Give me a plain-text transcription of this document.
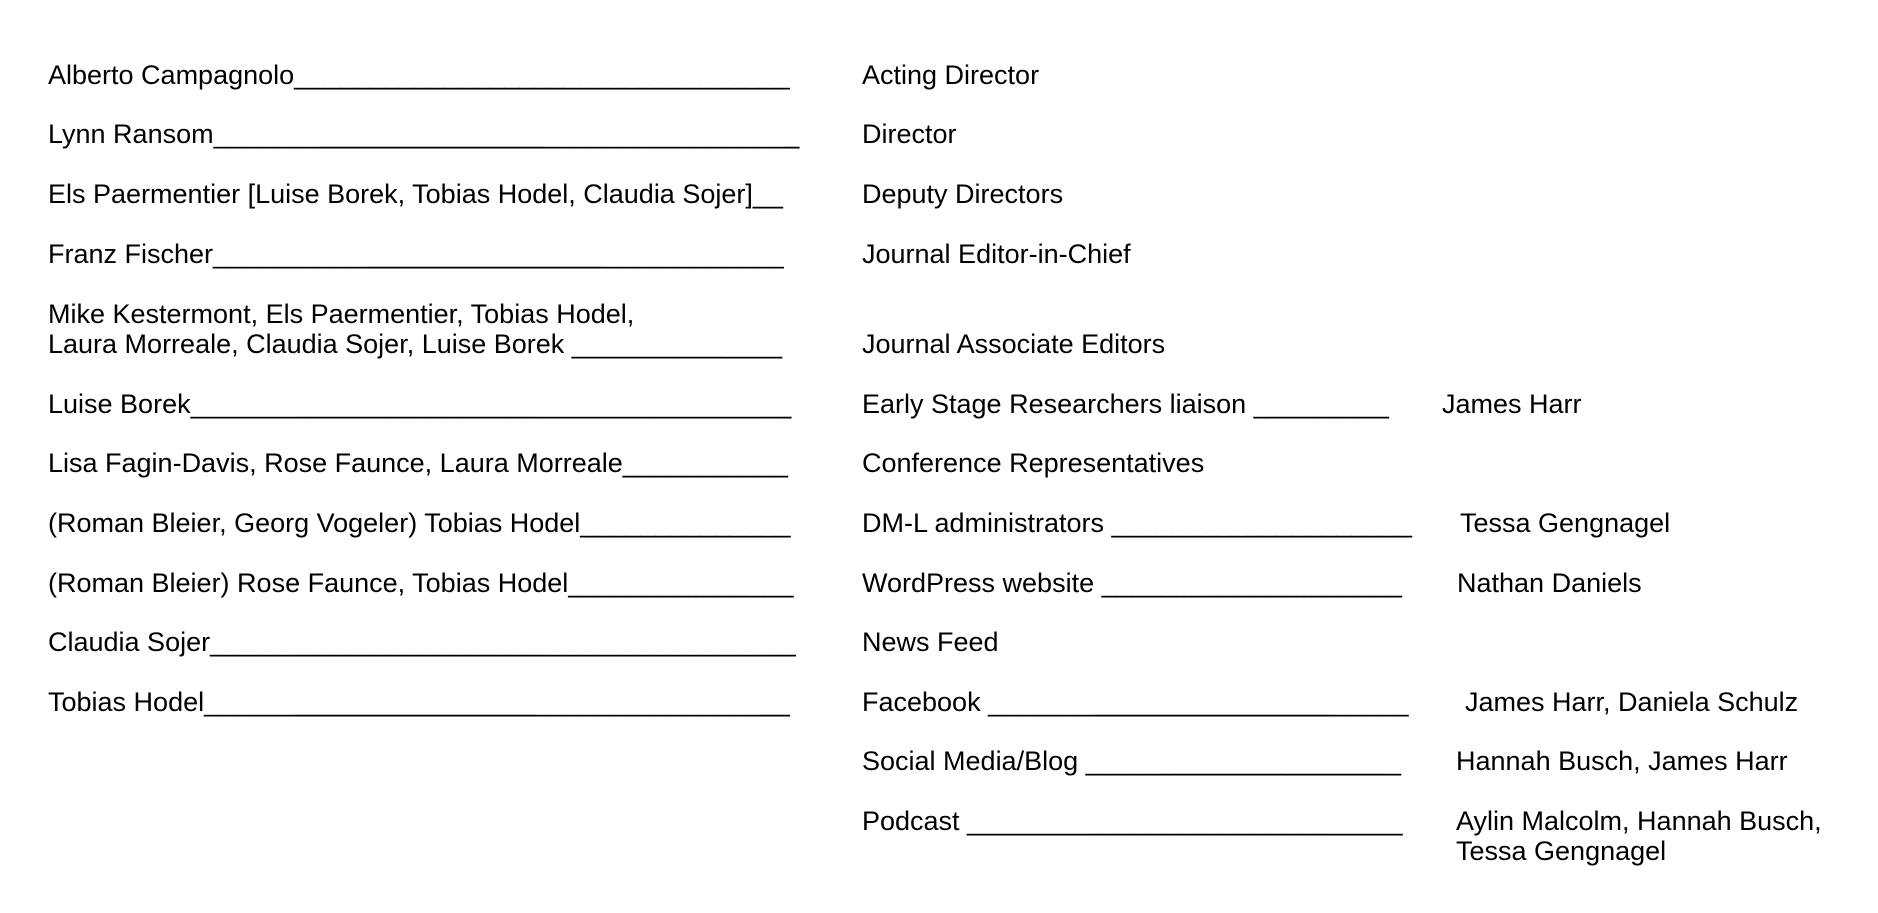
Alberto Campagnolo_________________________________	Acting Director
Lynn Ransom_______________________________________ Director
Els Paermentier [Luise Borek, Tobias Hodel, Claudia Sojer]__	Deputy Directors
Franz Fischer______________________________________	Journal Editor-in-Chief
Mike Kestermont, Els Paermentier, Tobias Hodel,
Laura Morreale, Claudia Sojer, Luise Borek ______________	Journal Associate Editors
Luise Borek________________________________________	Early Stage Researchers liaison _________ James Harr
Lisa Fagin-Davis, Rose Faunce, Laura Morreale___________	Conference Representatives
(Roman Bleier, Georg Vogeler) Tobias Hodel______________	DM-L administrators ____________________ Tessa Gengnagel
(Roman Bleier) Rose Faunce, Tobias Hodel_______________	WordPress website ____________________ Nathan Daniels
Claudia Sojer_______________________________________ News Feed
Tobias Hodel_______________________________________	Facebook ____________________________ James Harr, Daniela Schulz
Social Media/Blog _____________________ Hannah Busch, James Harr
Podcast _____________________________ Aylin Malcolm, Hannah Busch,
Tessa Gengnagel
